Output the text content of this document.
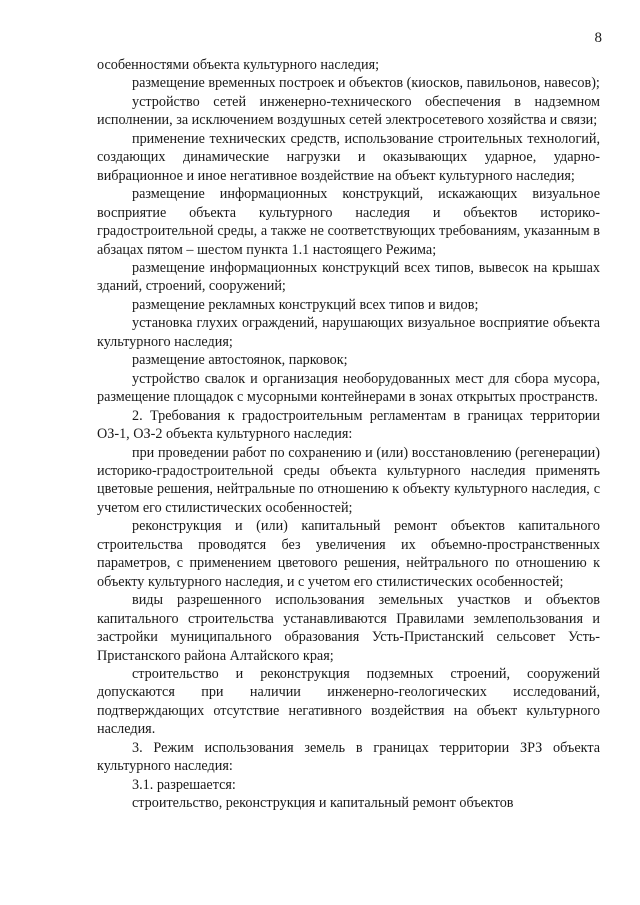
8

особенностями объекта культурного наследия;

размещение временных построек и объектов (киосков, павильонов, навесов);

устройство сетей инженерно-технического обеспечения в надземном исполнении, за исключением воздушных сетей электросетевого хозяйства и связи;

применение технических средств, использование строительных технологий, создающих динамические нагрузки и оказывающих ударное, ударно-вибрационное и иное негативное воздействие на объект культурного наследия;

размещение информационных конструкций, искажающих визуальное восприятие объекта культурного наследия и объектов историко-градостроительной среды, а также не соответствующих требованиям, указанным в абзацах пятом – шестом пункта 1.1 настоящего Режима;

размещение информационных конструкций всех типов, вывесок на крышах зданий, строений, сооружений;

размещение рекламных конструкций всех типов и видов;

установка глухих ограждений, нарушающих визуальное восприятие объекта культурного наследия;

размещение автостоянок, парковок;

устройство свалок и организация необорудованных мест для сбора мусора, размещение площадок с мусорными контейнерами в зонах открытых пространств.

2. Требования к градостроительным регламентам в границах территории ОЗ-1, ОЗ-2 объекта культурного наследия:

при проведении работ по сохранению и (или) восстановлению (регенерации) историко-градостроительной среды объекта культурного наследия применять цветовые решения, нейтральные по отношению к объекту культурного наследия, с учетом его стилистических особенностей;

реконструкция и (или) капитальный ремонт объектов капитального строительства проводятся без увеличения их объемно-пространственных параметров, с применением цветового решения, нейтрального по отношению к объекту культурного наследия, и с учетом его стилистических особенностей;

виды разрешенного использования земельных участков и объектов капитального строительства устанавливаются Правилами землепользования и застройки муниципального образования Усть-Пристанский сельсовет Усть-Пристанского района Алтайского края;

строительство и реконструкция подземных строений, сооружений допускаются при наличии инженерно-геологических исследований, подтверждающих отсутствие негативного воздействия на объект культурного наследия.

3. Режим использования земель в границах территории ЗРЗ объекта культурного наследия:

3.1. разрешается:

строительство, реконструкция и капитальный ремонт объектов
